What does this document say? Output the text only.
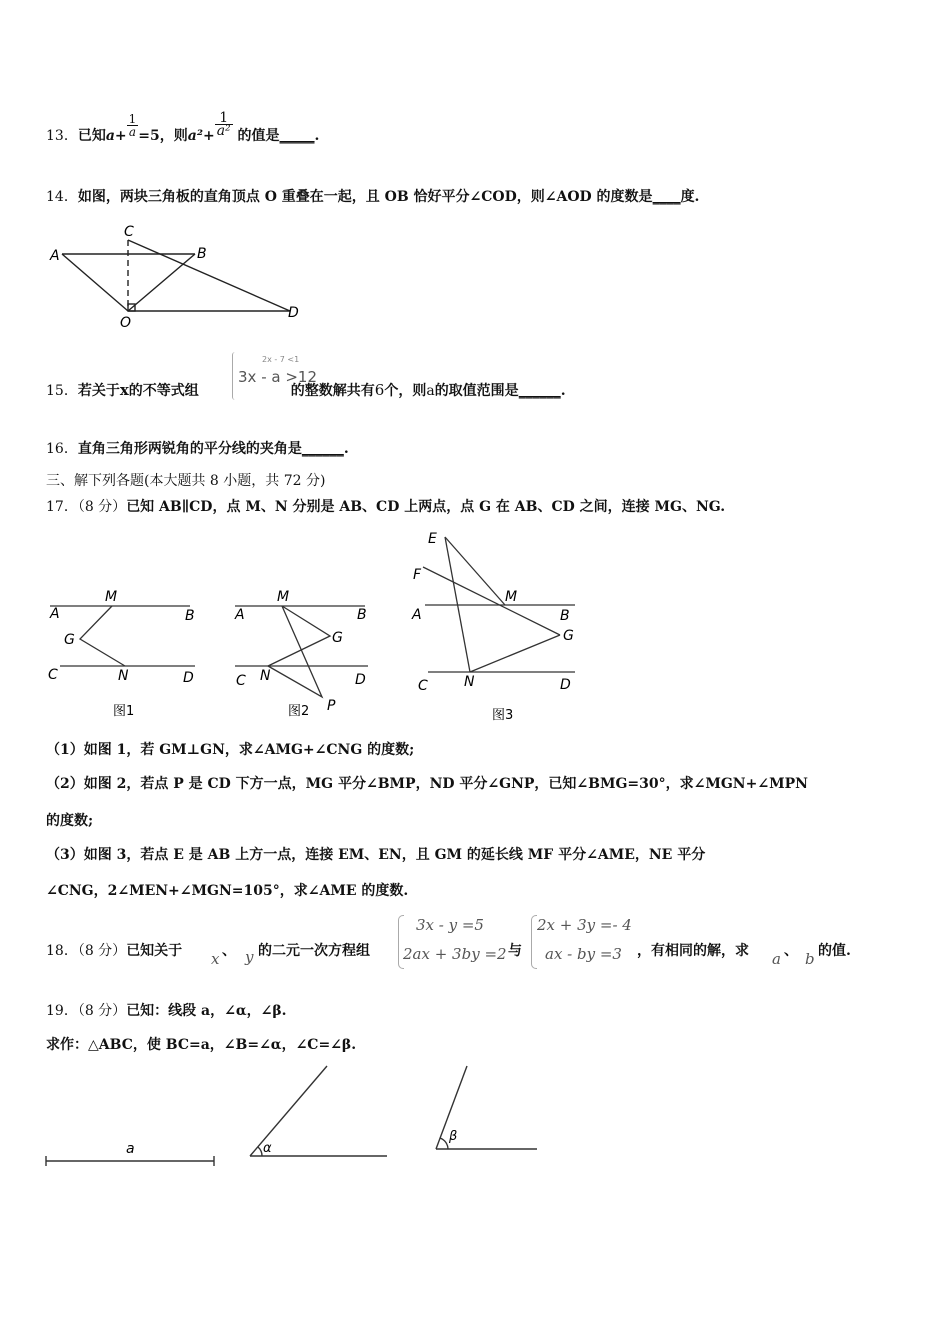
13．已知$a+ \frac{1}{a} =5$，则$a^2+ \frac{1}{\text{a²}}$ 的值是_____.
14．如图，两块三角板的直角顶点 O 重叠在一起，且 OB 恰好平分∠COD，则∠AOD 的度数是____度.
A
C
B
D
O
15．若关于x的不等式组	的整数解共有6个，则a的取值范围是______.
2x - 7 <1
3x - a >12
16．直角三角形两锐角的平分线的夹角是______.
三、解下列各题(本大题共 8 小题，共 72 分)
17．（8 分）已知 AB∥CD，点 M、N 分别是 AB、CD 上两点，点 G 在 AB、CD 之间，连接 MG、NG.
A
M
B
G
C	N	D
图1
A
M
B
G
C N	D
P
图2
E
F
M
A	B
G
C	N	D
图3
（1）如图 1，若 GM⊥GN，求∠AMG+∠CNG 的度数;
（2）如图 2，若点 P 是 CD 下方一点，MG 平分∠BMP，ND 平分∠GNP，已知∠BMG=30°，求∠MGN+∠MPN
的度数;
（3）如图 3，若点 E 是 AB 上方一点，连接 EM、EN，且 GM 的延长线 MF 平分∠AME，NE 平分
∠CNG，2∠MEN+∠MGN=105°，求∠AME 的度数.
18．（8 分）已知关于 x 、 y 的二元一次方程组
3x - y =5
2ax + 3by =2 与
2x + 3y =- 4
ax - by =3 ，有相同的解，求 a 、 b 的值.
19．（8 分）已知：线段 a，∠α，∠β.
求作：△ABC，使 BC=a，∠B=∠α，∠C=∠β.
a	α
β
